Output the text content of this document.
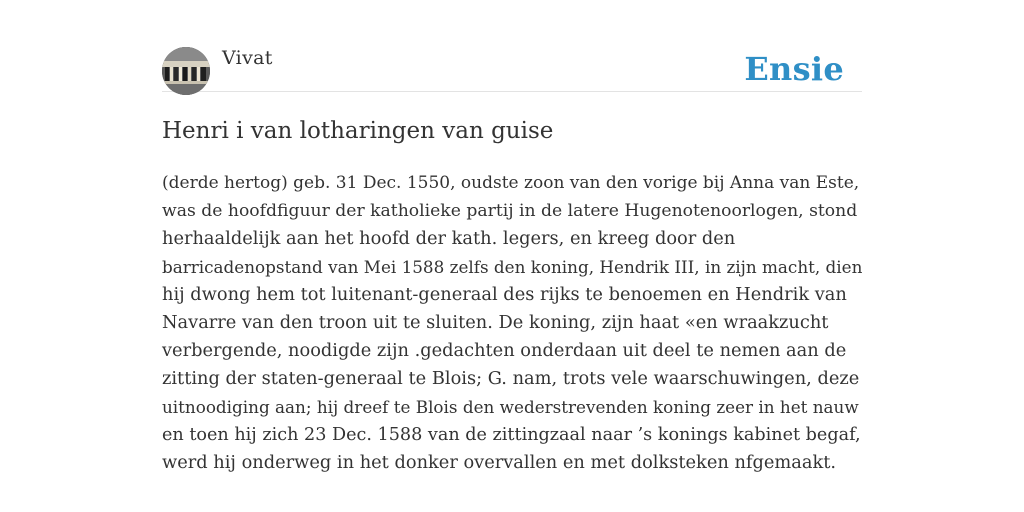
Vivat	Ensie
Henri i van lotharingen van guise
(derde hertog) geb. 31 Dec. 1550, oudste zoon van den vorige bij Anna van Este,
was de hoofdfiguur der katholieke partij in de latere Hugenotenoorlogen, stond
herhaaldelijk aan het hoofd der kath. legers, en kreeg door den
barricadenopstand van Mei 1588 zelfs den koning, Hendrik III, in zijn macht, dien
hij dwong hem tot luitenant-generaal des rijks te benoemen en Hendrik van
Navarre van den troon uit te sluiten. De koning, zijn haat «en wraakzucht
verbergende, noodigde zijn .gedachten onderdaan uit deel te nemen aan de
zitting der staten-generaal te Blois; G. nam, trots vele waarschuwingen, deze
uitnoodiging aan; hij dreef te Blois den wederstrevenden koning zeer in het nauw
en toen hij zich 23 Dec. 1588 van de zittingzaal naar ’s konings kabinet begaf,
werd hij onderweg in het donker overvallen en met dolksteken nfgemaakt.
